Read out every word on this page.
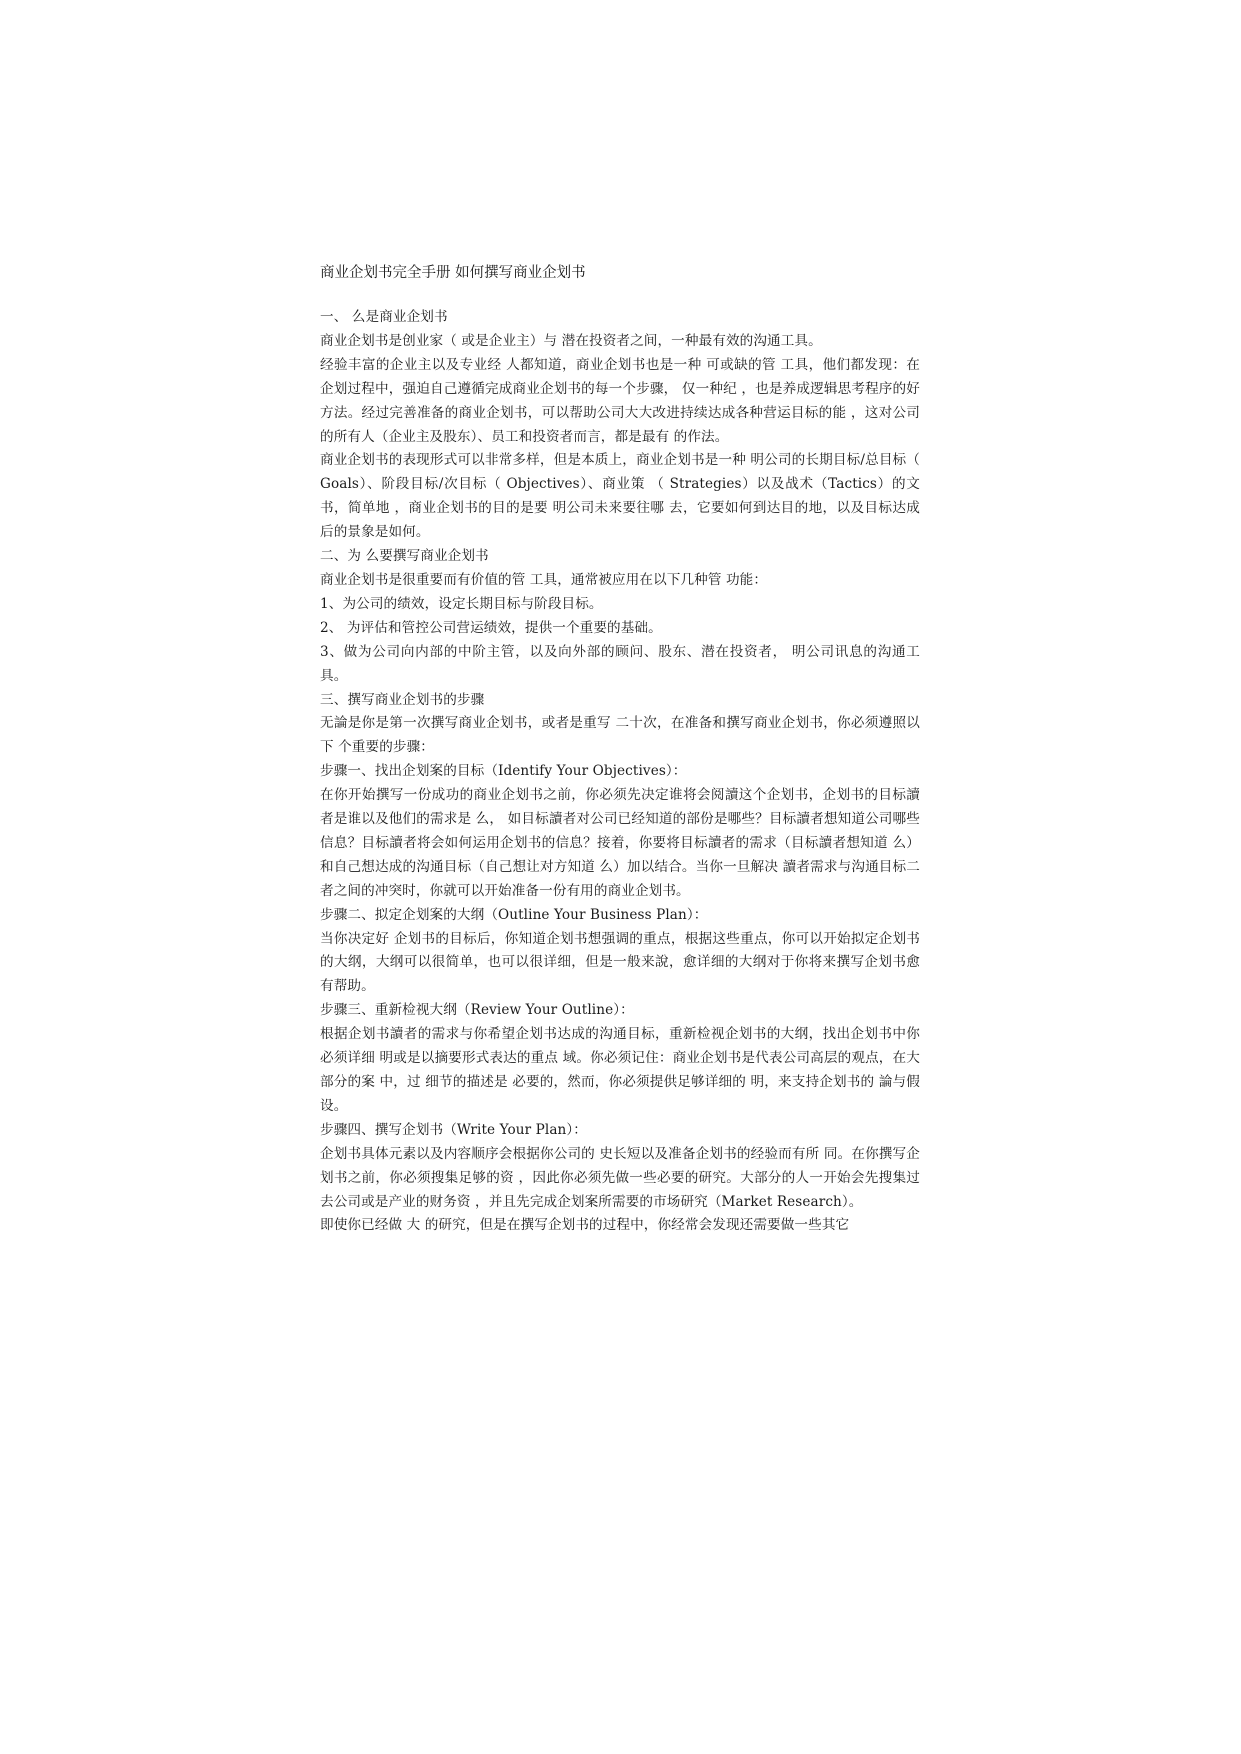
商业企划书完全手册 如何撰写商业企划书

一、 么是商业企划书

商业企划书是创业家（ 或是企业主）与 潜在投资者之间，一种最有效的沟通工具。

经验丰富的企业主以及专业经 人都知道，商业企划书也是一种 可或缺的管 工具，他们都发现：在企划过程中，强迫自己遵循完成商业企划书的每一个步骤， 仅一种纪 ，也是养成逻辑思考程序的好方法。经过完善准备的商业企划书，可以帮助公司大大改进持续达成各种营运目标的能 ，这对公司的所有人（企业主及股东）、员工和投资者而言，都是最有 的作法。

商业企划书的表现形式可以非常多样，但是本质上，商业企划书是一种 明公司的长期目标/总目标（ Goals）、阶段目标/次目标（ Objectives）、商业策 （ Strategies）以及战术（Tactics）的文书，简单地 ，商业企划书的目的是要 明公司未来要往哪 去，它要如何到达目的地，以及目标达成后的景象是如何。

二、为 么要撰写商业企划书

商业企划书是很重要而有价值的管 工具，通常被应用在以下几种管 功能：

1、为公司的绩效，设定长期目标与阶段目标。

2、 为评估和管控公司营运绩效，提供一个重要的基础。

3、做为公司向内部的中阶主管，以及向外部的顾问、股东、潜在投资者， 明公司讯息的沟通工具。

三、撰写商业企划书的步骤

无論是你是第一次撰写商业企划书，或者是重写 二十次，在准备和撰写商业企划书，你必须遵照以下 个重要的步骤：

步骤一、找出企划案的目标（Identify Your Objectives）：

在你开始撰写一份成功的商业企划书之前，你必须先决定谁将会阅讀这个企划书，企划书的目标讀者是谁以及他们的需求是 么， 如目标讀者对公司已经知道的部份是哪些？目标讀者想知道公司哪些信息？目标讀者将会如何运用企划书的信息？接着，你要将目标讀者的需求（目标讀者想知道 么）和自己想达成的沟通目标（自己想让对方知道 么）加以结合。当你一旦解决 讀者需求与沟通目标二者之间的冲突时，你就可以开始准备一份有用的商业企划书。

步骤二、拟定企划案的大纲（Outline Your Business Plan）：

当你决定好 企划书的目标后，你知道企划书想强调的重点，根据这些重点，你可以开始拟定企划书的大纲，大纲可以很简单，也可以很详细，但是一般来說，愈详细的大纲对于你将来撰写企划书愈有帮助。

步骤三、重新检视大纲（Review Your Outline）：

根据企划书讀者的需求与你希望企划书达成的沟通目标，重新检视企划书的大纲，找出企划书中你必须详细 明或是以摘要形式表达的重点 域。你必须记住：商业企划书是代表公司高层的观点，在大部分的案 中，过 细节的描述是 必要的，然而，你必须提供足够详细的 明，来支持企划书的 論与假设。

步骤四、撰写企划书（Write Your Plan）：

企划书具体元素以及内容顺序会根据你公司的 史长短以及准备企划书的经验而有所 同。在你撰写企划书之前，你必须搜集足够的资 ，因此你必须先做一些必要的研究。大部分的人一开始会先搜集过去公司或是产业的财务资 ，并且先完成企划案所需要的市场研究（Market Research）。

即使你已经做 大 的研究，但是在撰写企划书的过程中，你经常会发现还需要做一些其它
